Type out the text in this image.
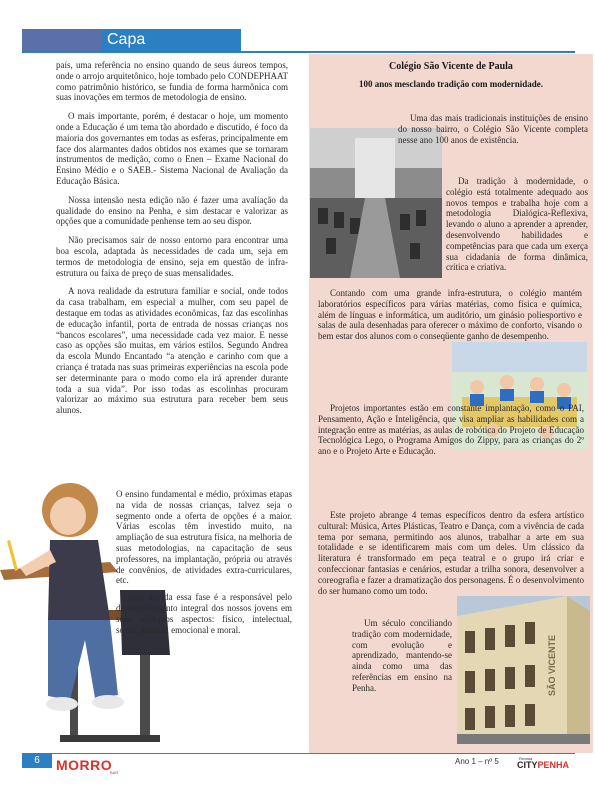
Capa

país, uma referência no ensino quando de seus áureos tempos, onde o arrojo arquitetônico, hoje tombado pelo CONDEPHAAT como patrimônio histórico, se fundia de forma harmônica com suas inovações em termos de metodologia de ensino.

O mais importante, porém, é destacar o hoje, um momento onde a Educação é um tema tão abordado e discutido, é foco da maioria dos governantes em todas as esferas, principalmente em face dos alarmantes dados obtidos nos exames que se tornaram instrumentos de medição, como o Enen – Exame Nacional do Ensino Médio e o SAEB.- Sistema Nacional de Avaliação da Educação Básica.

Nossa intensão nesta edição não é fazer uma avaliação da qualidade do ensino na Penha, e sim destacar e valorizar as opções que a comunidade penhense tem ao seu dispor.

Não precisamos sair de nosso entorno para encontrar uma boa escola, adaptada às necessidades de cada um, seja em termos de metodologia de ensino, seja em questão de infra-estrutura ou faixa de preço de suas mensalidades.

A nova realidade da estrutura familiar e social, onde todos da casa trabalham, em especial a mulher, com seu papel de destaque em todas as atividades econômicas, faz das escolinhas de educação infantil, porta de entrada de nossas crianças nos “bancos escolares”, uma necessidade cada vez maior. E nesse caso as opções são muitas, em vários estilos. Segundo Andrea da escola Mundo Encantado “a atenção e carinho com que a criança é tratada nas suas primeiras experiências na escola pode ser determinante para o modo como ela irá aprender durante toda a sua vida”. Por isso todas as escolinhas procuram valorizar ao máximo sua estrutura para receber bem seus alunos.

O ensino fundamental e médio, próximas etapas na vida de nossas crianças, talvez seja o segmento onde a oferta de opções é a maior. Várias escolas têm investido muito, na ampliação de sua estrutura física, na melhoria de suas metodologias, na capacitação de seus professores, na implantação, própria ou através de convênios, de atividades extra-curriculares, etc.

Sem dúvida essa fase é a responsável pelo desenvolvimento integral dos nossos jovens em seus múltiplos aspectos: físico, intelectual, social, escolar, emocional e moral.

Colégio São Vicente de Paula
100 anos mesclando tradição com modernidade.

Uma das mais tradicionais instituições de ensino do nosso bairro, o Colégio São Vicente completa nesse ano 100 anos de existência.

Da tradição à modernidade, o colégio está totalmente adequado aos novos tempos e trabalha hoje com a metodologia Dialógica-Reflexiva, levando o aluno a aprender a aprender, desenvolvendo habilidades e competências para que cada um exerça sua cidadania de forma dinâmica, crítica e criativa.

Contando com uma grande infra-estrutura, o colégio mantém laboratórios específicos para várias matérias, como física e química, além de línguas e informática, um auditório, um ginásio poliesportivo e salas de aula desenhadas para oferecer o máximo de conforto, visando o bem estar dos alunos com o conseqüente ganho de desempenho.

Projetos importantes estão em constante implantação, como o PAI, Pensamento, Ação e Inteligência, que visa ampliar as habilidades com a integração entre as matérias, as aulas de robótica do Projeto de Educação Tecnológica Lego, o Programa Amigos do Zippy, para as crianças do 2º ano e o Projeto Arte e Educação.

Este projeto abrange 4 temas específicos dentro da esfera artístico cultural: Música, Artes Plásticas, Teatro e Dança, com a vivência de cada tema por semana, permitindo aos alunos, trabalhar a arte em sua totalidade e se identificarem mais com um deles. Um clássico da literatura é transformado em peça teatral e o grupo irá criar e confeccionar fantasias e cenários, estudar a trilha sonora, desenvolver a coreografia e fazer a dramatização dos personagens. É o desenvolvimento do ser humano como um todo.

SÃO VICENTE

Um século conciliando tradição com modernidade, com evolução e aprendizado, mantendo-se ainda como uma das referências em ensino na Penha.

6	MORRO
BAR
Ano 1 – nº 5	Revista
CITYPENHA
